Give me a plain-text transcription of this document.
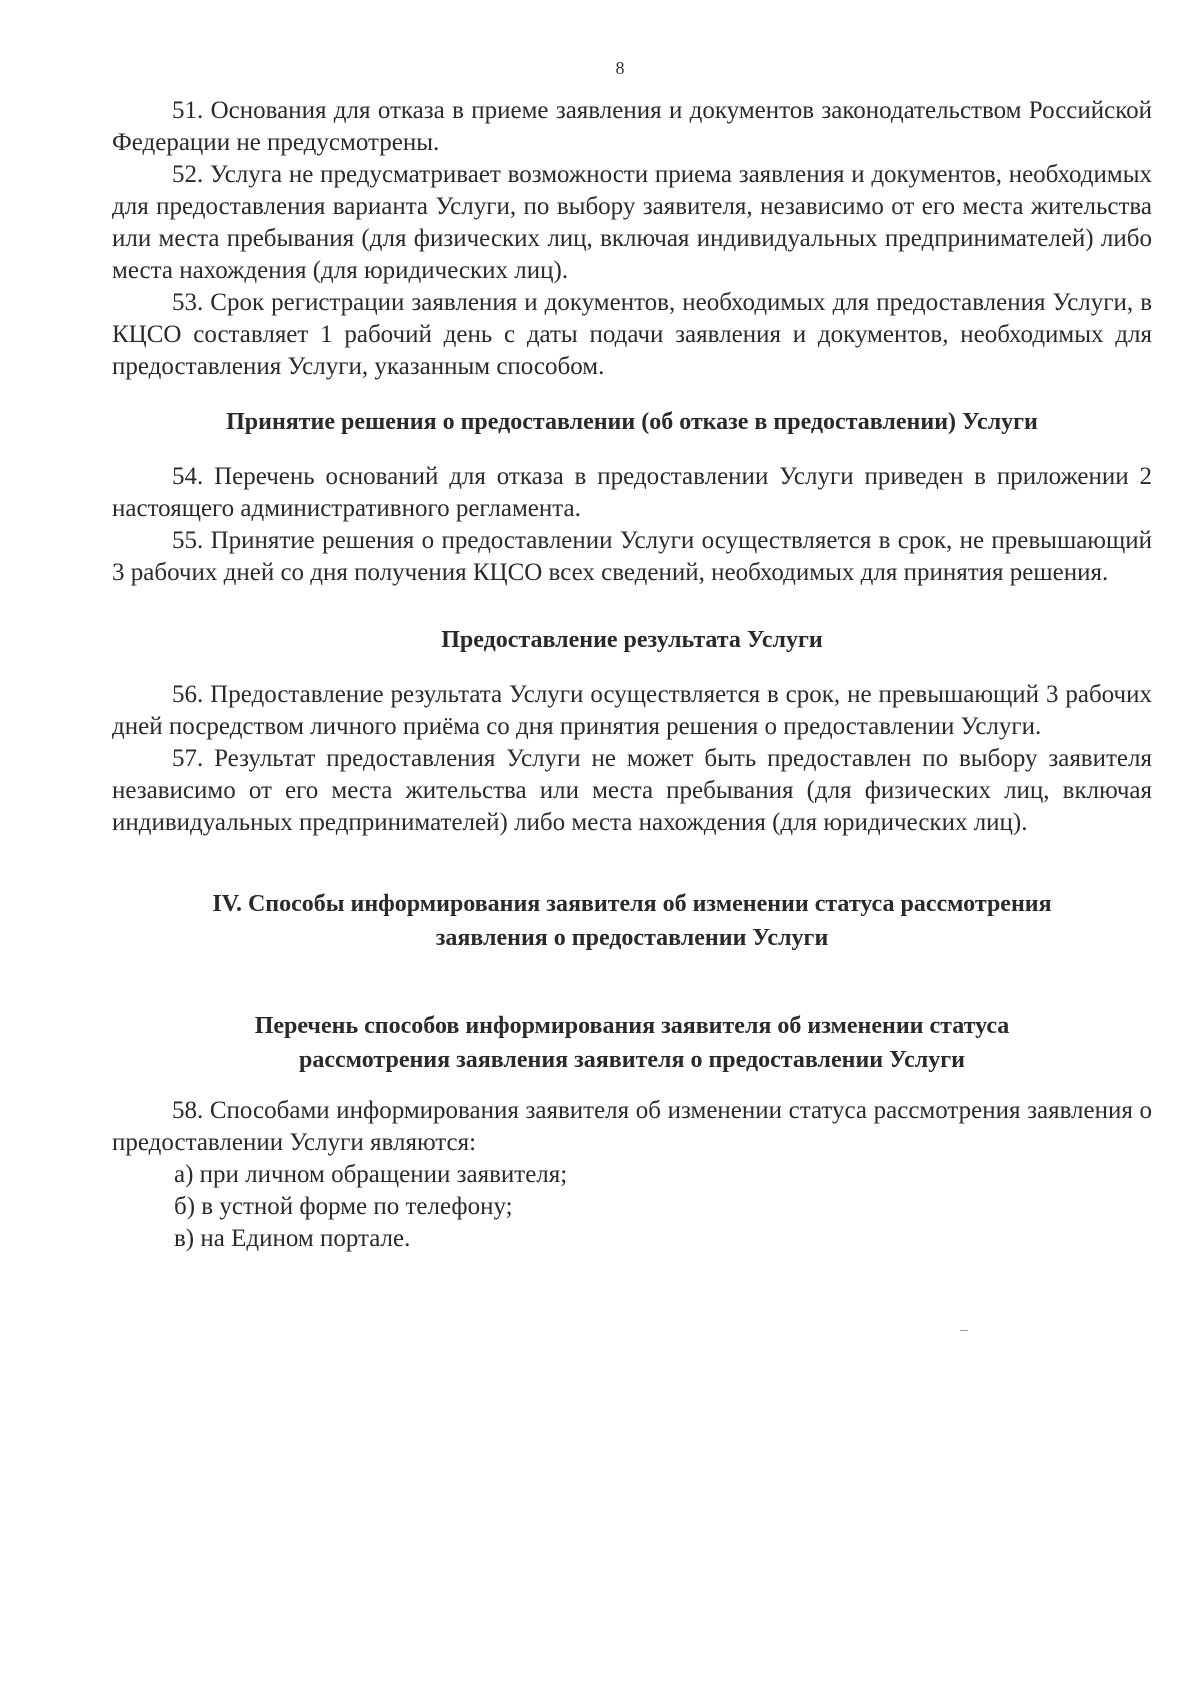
8

51. Основания для отказа в приеме заявления и документов законодательством Российской Федерации не предусмотрены.

52. Услуга не предусматривает возможности приема заявления и документов, необходимых для предоставления варианта Услуги, по выбору заявителя, независимо от его места жительства или места пребывания (для физических лиц, включая индивидуальных предпринимателей) либо места нахождения (для юридических лиц).

53. Срок регистрации заявления и документов, необходимых для предоставления Услуги, в КЦСО составляет 1 рабочий день с даты подачи заявления и документов, необходимых для предоставления Услуги, указанным способом.

Принятие решения о предоставлении (об отказе в предоставлении) Услуги

54. Перечень оснований для отказа в предоставлении Услуги приведен в приложении 2 настоящего административного регламента.

55. Принятие решения о предоставлении Услуги осуществляется в срок, не превышающий 3 рабочих дней со дня получения КЦСО всех сведений, необходимых для принятия решения.

Предоставление результата Услуги

56. Предоставление результата Услуги осуществляется в срок, не превышающий 3 рабочих дней посредством личного приёма со дня принятия решения о предоставлении Услуги.

57. Результат предоставления Услуги не может быть предоставлен по выбору заявителя независимо от его места жительства или места пребывания (для физических лиц, включая индивидуальных предпринимателей) либо места нахождения (для юридических лиц).

IV. Способы информирования заявителя об изменении статуса рассмотрения
заявления о предоставлении Услуги
Перечень способов информирования заявителя об изменении статуса
рассмотрения заявления заявителя о предоставлении Услуги

58. Способами информирования заявителя об изменении статуса рассмотрения заявления о предоставлении Услуги являются:

а) при личном обращении заявителя;

б) в устной форме по телефону;

в) на Едином портале.
